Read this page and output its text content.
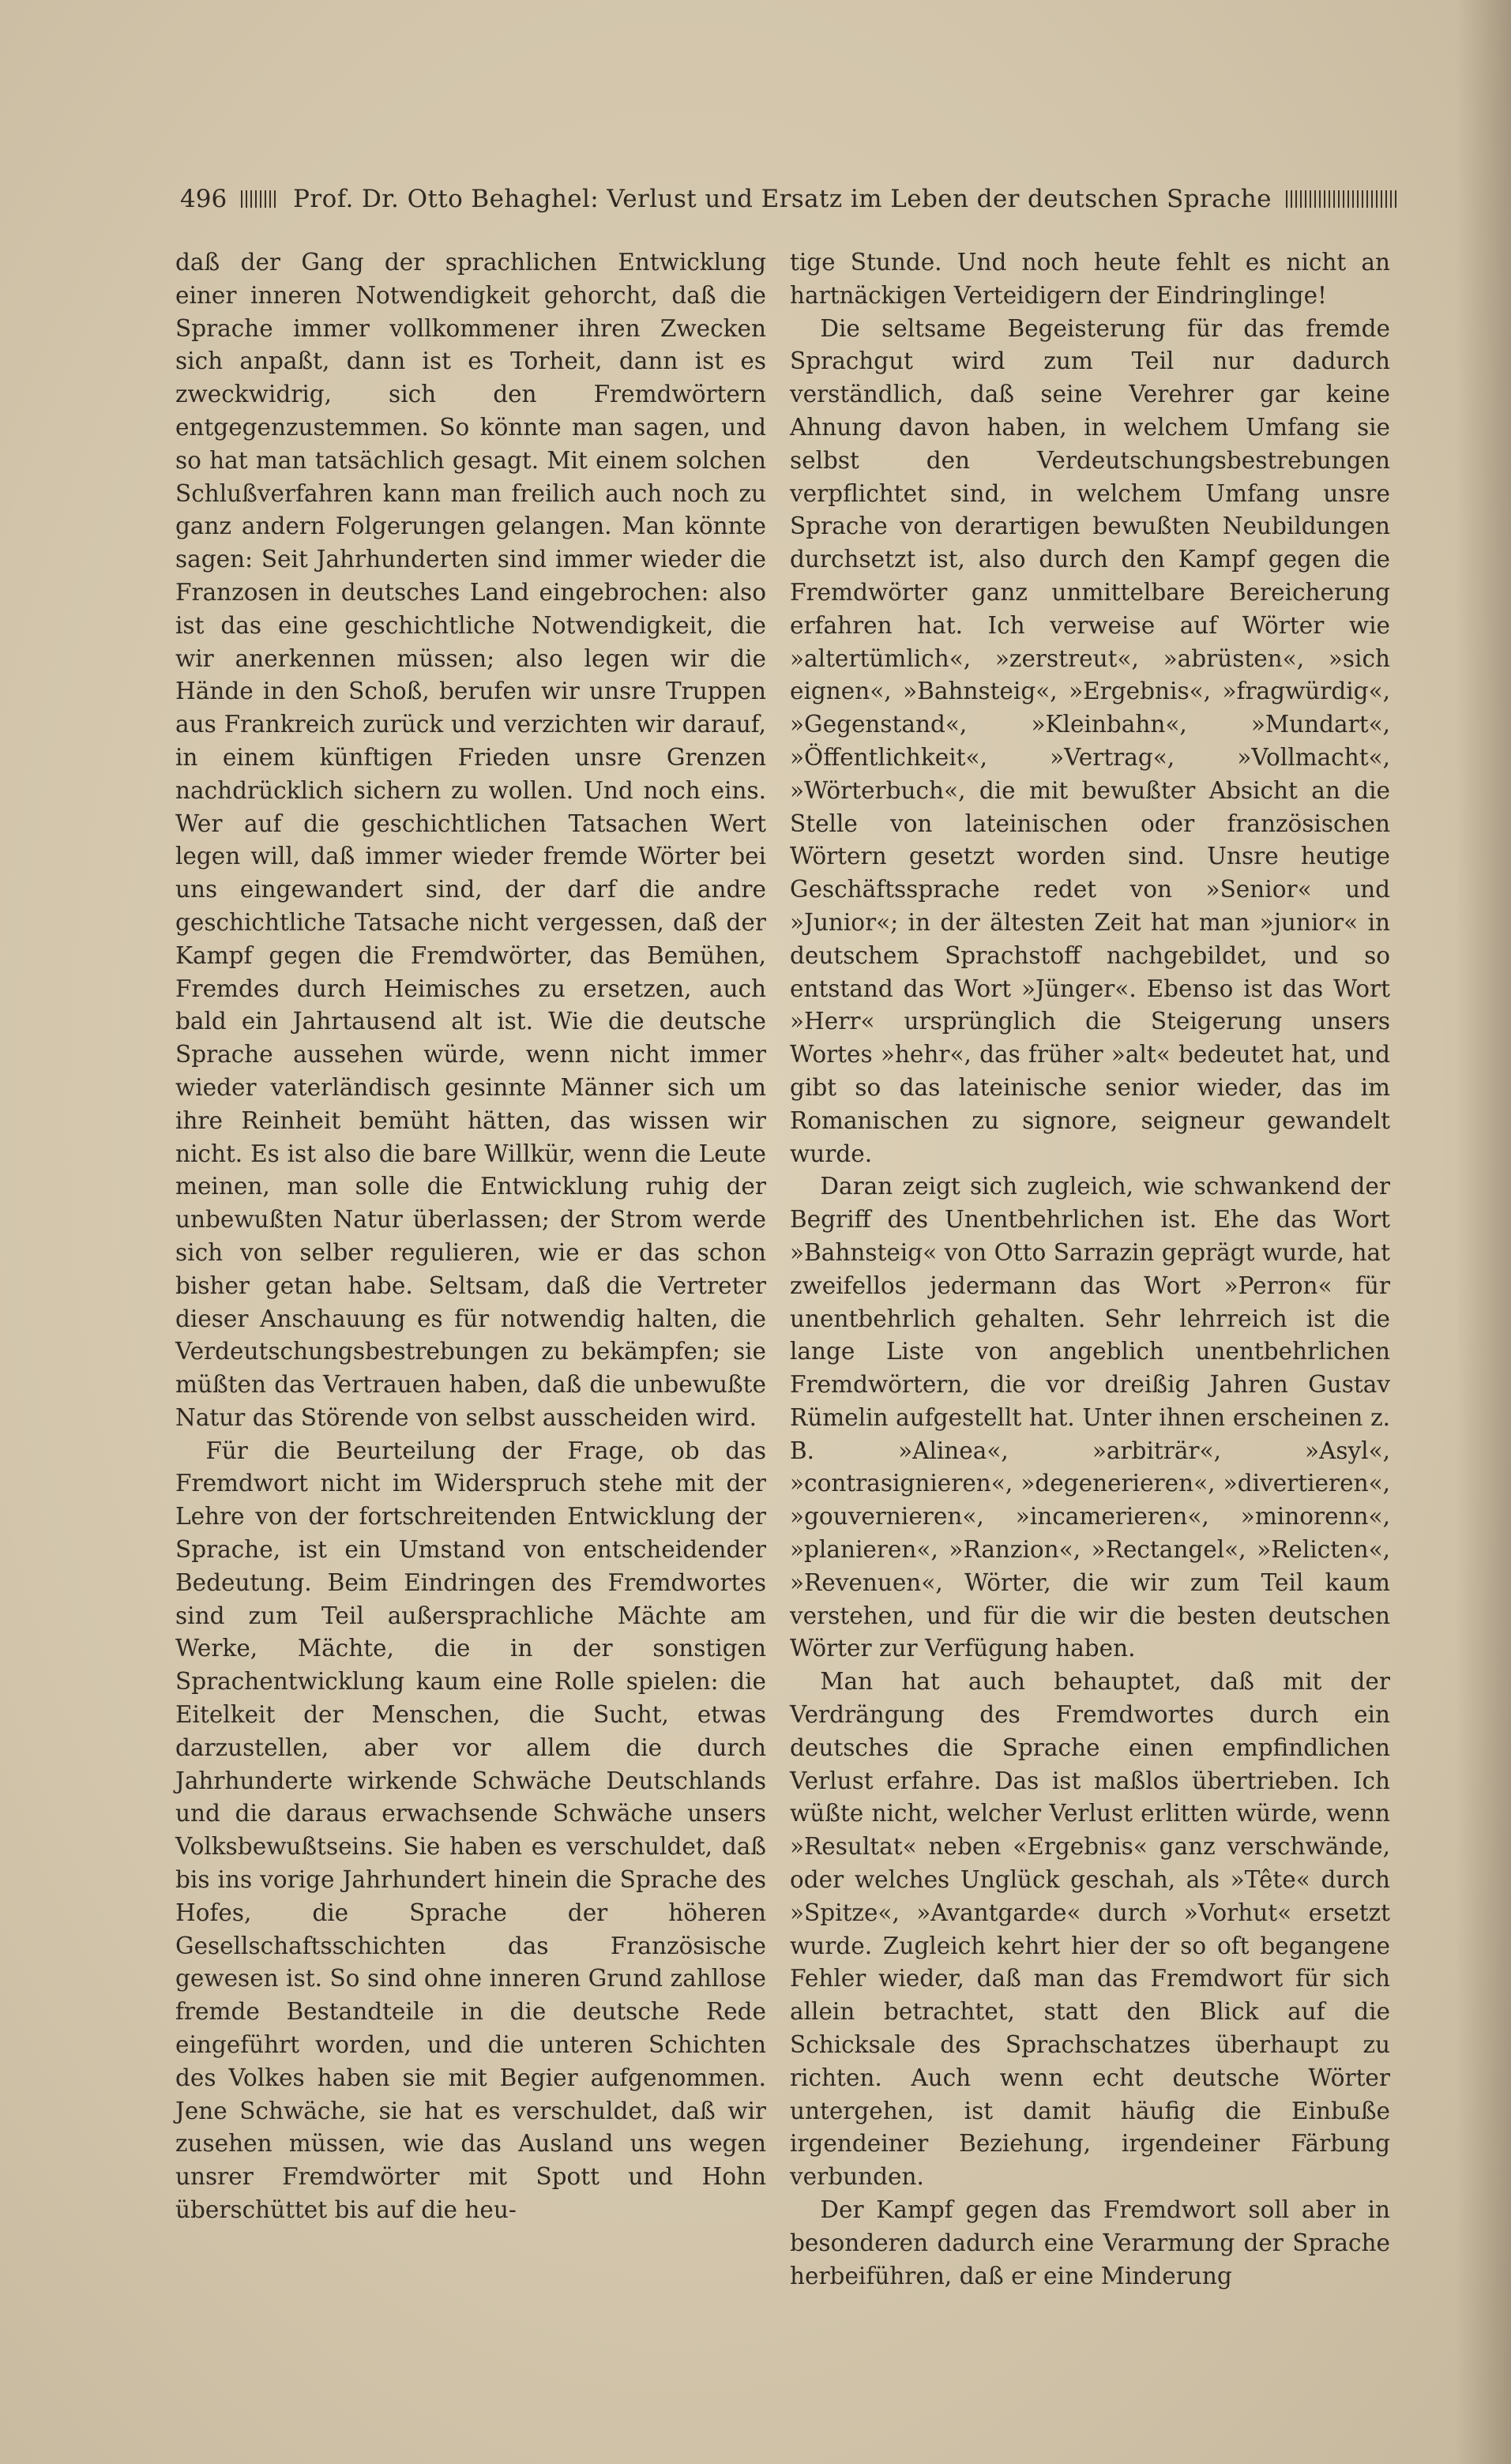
496	Prof. Dr. Otto Behaghel: Verlust und Ersatz im Leben der deutschen Sprache

daß der Gang der sprachlichen Entwicklung einer inneren Notwendigkeit gehorcht, daß die Sprache immer vollkommener ihren Zwecken sich anpaßt, dann ist es Torheit, dann ist es zweckwidrig, sich den Fremdwörtern entgegenzustemmen. So könnte man sagen, und so hat man tatsächlich gesagt. Mit einem solchen Schlußverfahren kann man freilich auch noch zu ganz andern Folgerungen gelangen. Man könnte sagen: Seit Jahrhunderten sind immer wieder die Franzosen in deutsches Land eingebrochen: also ist das eine geschichtliche Notwendigkeit, die wir anerkennen müssen; also legen wir die Hände in den Schoß, berufen wir unsre Truppen aus Frankreich zurück und verzichten wir darauf, in einem künftigen Frieden unsre Grenzen nachdrücklich sichern zu wollen. Und noch eins. Wer auf die geschichtlichen Tatsachen Wert legen will, daß immer wieder fremde Wörter bei uns eingewandert sind, der darf die andre geschichtliche Tatsache nicht vergessen, daß der Kampf gegen die Fremdwörter, das Bemühen, Fremdes durch Heimisches zu ersetzen, auch bald ein Jahrtausend alt ist. Wie die deutsche Sprache aussehen würde, wenn nicht immer wieder vaterländisch gesinnte Männer sich um ihre Reinheit bemüht hätten, das wissen wir nicht. Es ist also die bare Willkür, wenn die Leute meinen, man solle die Entwicklung ruhig der unbewußten Natur überlassen; der Strom werde sich von selber regulieren, wie er das schon bisher getan habe. Seltsam, daß die Vertreter dieser Anschauung es für notwendig halten, die Verdeutschungsbestrebungen zu bekämpfen; sie müßten das Vertrauen haben, daß die unbewußte Natur das Störende von selbst ausscheiden wird.

Für die Beurteilung der Frage, ob das Fremdwort nicht im Widerspruch stehe mit der Lehre von der fortschreitenden Entwicklung der Sprache, ist ein Umstand von entscheidender Bedeutung. Beim Eindringen des Fremdwortes sind zum Teil außersprachliche Mächte am Werke, Mächte, die in der sonstigen Sprachentwicklung kaum eine Rolle spielen: die Eitelkeit der Menschen, die Sucht, etwas darzustellen, aber vor allem die durch Jahrhunderte wirkende Schwäche Deutschlands und die daraus erwachsende Schwäche unsers Volksbewußtseins. Sie haben es verschuldet, daß bis ins vorige Jahrhundert hinein die Sprache des Hofes, die Sprache der höheren Gesellschaftsschichten das Französische gewesen ist. So sind ohne inneren Grund zahllose fremde Bestandteile in die deutsche Rede eingeführt worden, und die unteren Schichten des Volkes haben sie mit Begier aufgenommen. Jene Schwäche, sie hat es verschuldet, daß wir zusehen müssen, wie das Ausland uns wegen unsrer Fremdwörter mit Spott und Hohn überschüttet bis auf die heu-

tige Stunde. Und noch heute fehlt es nicht an hartnäckigen Verteidigern der Eindringlinge!

Die seltsame Begeisterung für das fremde Sprachgut wird zum Teil nur dadurch verständlich, daß seine Verehrer gar keine Ahnung davon haben, in welchem Umfang sie selbst den Verdeutschungsbestrebungen verpflichtet sind, in welchem Umfang unsre Sprache von derartigen bewußten Neubildungen durchsetzt ist, also durch den Kampf gegen die Fremdwörter ganz unmittelbare Bereicherung erfahren hat. Ich verweise auf Wörter wie »altertümlich«, »zerstreut«, »abrüsten«, »sich eignen«, »Bahnsteig«, »Ergebnis«, »fragwürdig«, »Gegenstand«, »Kleinbahn«, »Mundart«, »Öffentlichkeit«, »Vertrag«, »Vollmacht«, »Wörterbuch«, die mit bewußter Absicht an die Stelle von lateinischen oder französischen Wörtern gesetzt worden sind. Unsre heutige Geschäftssprache redet von »Senior« und »Junior«; in der ältesten Zeit hat man »junior« in deutschem Sprachstoff nachgebildet, und so entstand das Wort »Jünger«. Ebenso ist das Wort »Herr« ursprünglich die Steigerung unsers Wortes »hehr«, das früher »alt« bedeutet hat, und gibt so das lateinische senior wieder, das im Romanischen zu signore, seigneur gewandelt wurde.

Daran zeigt sich zugleich, wie schwankend der Begriff des Unentbehrlichen ist. Ehe das Wort »Bahnsteig« von Otto Sarrazin geprägt wurde, hat zweifellos jedermann das Wort »Perron« für unentbehrlich gehalten. Sehr lehrreich ist die lange Liste von angeblich unentbehrlichen Fremdwörtern, die vor dreißig Jahren Gustav Rümelin aufgestellt hat. Unter ihnen erscheinen z. B. »Alinea«, »arbiträr«, »Asyl«, »contrasignieren«, »degenerieren«, »divertieren«, »gouvernieren«, »incamerieren«, »minorenn«, »planieren«, »Ranzion«, »Rectangel«, »Relicten«, »Revenuen«, Wörter, die wir zum Teil kaum verstehen, und für die wir die besten deutschen Wörter zur Verfügung haben.

Man hat auch behauptet, daß mit der Verdrängung des Fremdwortes durch ein deutsches die Sprache einen empfindlichen Verlust erfahre. Das ist maßlos übertrieben. Ich wüßte nicht, welcher Verlust erlitten würde, wenn »Resultat« neben «Ergebnis« ganz verschwände, oder welches Unglück geschah, als »Tête« durch »Spitze«, »Avantgarde« durch »Vorhut« ersetzt wurde. Zugleich kehrt hier der so oft begangene Fehler wieder, daß man das Fremdwort für sich allein betrachtet, statt den Blick auf die Schicksale des Sprachschatzes überhaupt zu richten. Auch wenn echt deutsche Wörter untergehen, ist damit häufig die Einbuße irgendeiner Beziehung, irgendeiner Färbung verbunden.

Der Kampf gegen das Fremdwort soll aber in besonderen dadurch eine Verarmung der Sprache herbeiführen, daß er eine Minderung
